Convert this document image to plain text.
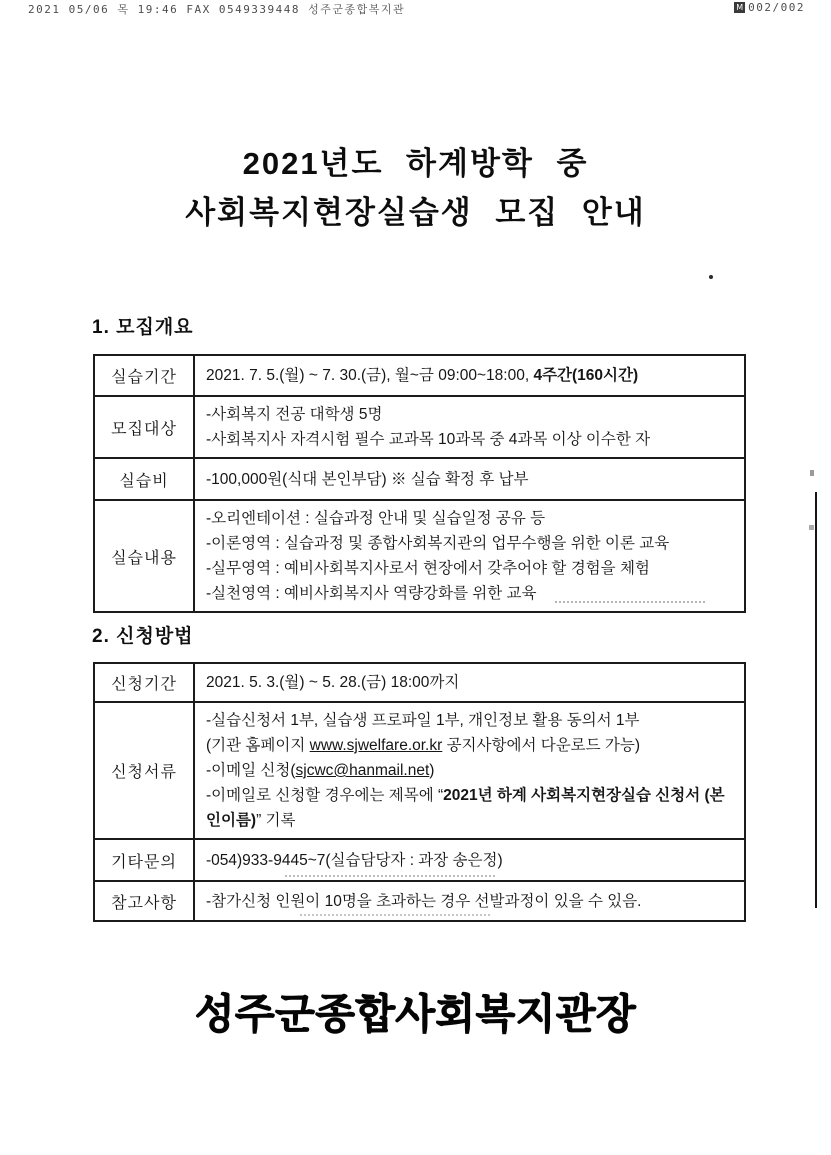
2021 05/06 목 19:46 FAX 0549339448 성주군종합복지관	M 002/002
2021년도 하계방학 중
사회복지현장실습생 모집 안내
1. 모집개요
실습기간	2021. 7. 5.(월) ~ 7. 30.(금), 월~금 09:00~18:00, 4주간(160시간)
모집대상	-사회복지 전공 대학생 5명
-사회복지사 자격시험 필수 교과목 10과목 중 4과목 이상 이수한 자

실습비	-100,000원(식대 본인부담) ※ 실습 확정 후 납부
실습내용	-오리엔테이션 : 실습과정 안내 및 실습일정 공유 등
-이론영역 : 실습과정 및 종합사회복지관의 업무수행을 위한 이론 교육
-실무영역 : 예비사회복지사로서 현장에서 갖추어야 할 경험을 체험
-실천영역 : 예비사회복지사 역량강화를 위한 교육
2. 신청방법
신청기간	2021. 5. 3.(월) ~ 5. 28.(금) 18:00까지
신청서류	-실습신청서 1부, 실습생 프로파일 1부, 개인정보 활용 동의서 1부
(기관 홈페이지 www.sjwelfare.or.kr 공지사항에서 다운로드 가능)
-이메일 신청(sjcwc@hanmail.net)
-이메일로 신청할 경우에는 제목에 “2021년 하계 사회복지현장실습 신청서 (본인이름)” 기록

기타문의	-054)933-9445~7(실습담당자 : 과장 송은정)
참고사항	-참가신청 인원이 10명을 초과하는 경우 선발과정이 있을 수 있음.
성주군종합사회복지관장
